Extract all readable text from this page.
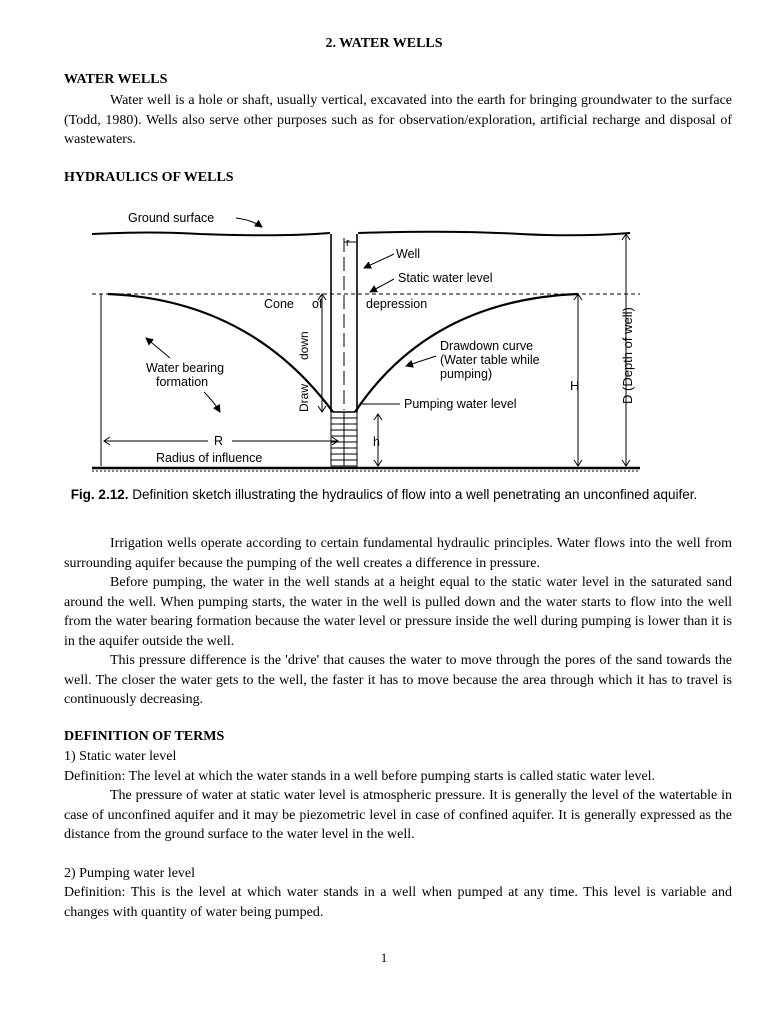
2. WATER WELLS
WATER WELLS
Water well is a hole or shaft, usually vertical, excavated into the earth for bringing groundwater to the surface (Todd, 1980). Wells also serve other purposes such as for observation/exploration, artificial recharge and disposal of wastewaters.
HYDRAULICS OF WELLS
Ground surface
r
Well
Static water level
Cone of	depression
Drawdown curve
(Water table while
pumping)
Water bearing
formation
Draw
down
Pumping water level
h
H	D (Depth of well)
R
Radius of influence
Fig. 2.12. Definition sketch illustrating the hydraulics of flow into a well penetrating an unconfined aquifer.
Irrigation wells operate according to certain fundamental hydraulic principles. Water flows into the well from surrounding aquifer because the pumping of the well creates a difference in pressure.
Before pumping, the water in the well stands at a height equal to the static water level in the saturated sand around the well. When pumping starts, the water in the well is pulled down and the water starts to flow into the well from the water bearing formation because the water level or pressure inside the well during pumping is lower than it is in the aquifer outside the well.
This pressure difference is the 'drive' that causes the water to move through the pores of the sand towards the well. The closer the water gets to the well, the faster it has to move because the area through which it has to travel is continuously decreasing.
DEFINITION OF TERMS
1) Static water level
Definition: The level at which the water stands in a well before pumping starts is called static water level.
The pressure of water at static water level is atmospheric pressure. It is generally the level of the watertable in case of unconfined aquifer and it may be piezometric level in case of confined aquifer. It is generally expressed as the distance from the ground surface to the water level in the well.
2) Pumping water level
Definition: This is the level at which water stands in a well when pumped at any time. This level is variable and changes with quantity of water being pumped.
1
